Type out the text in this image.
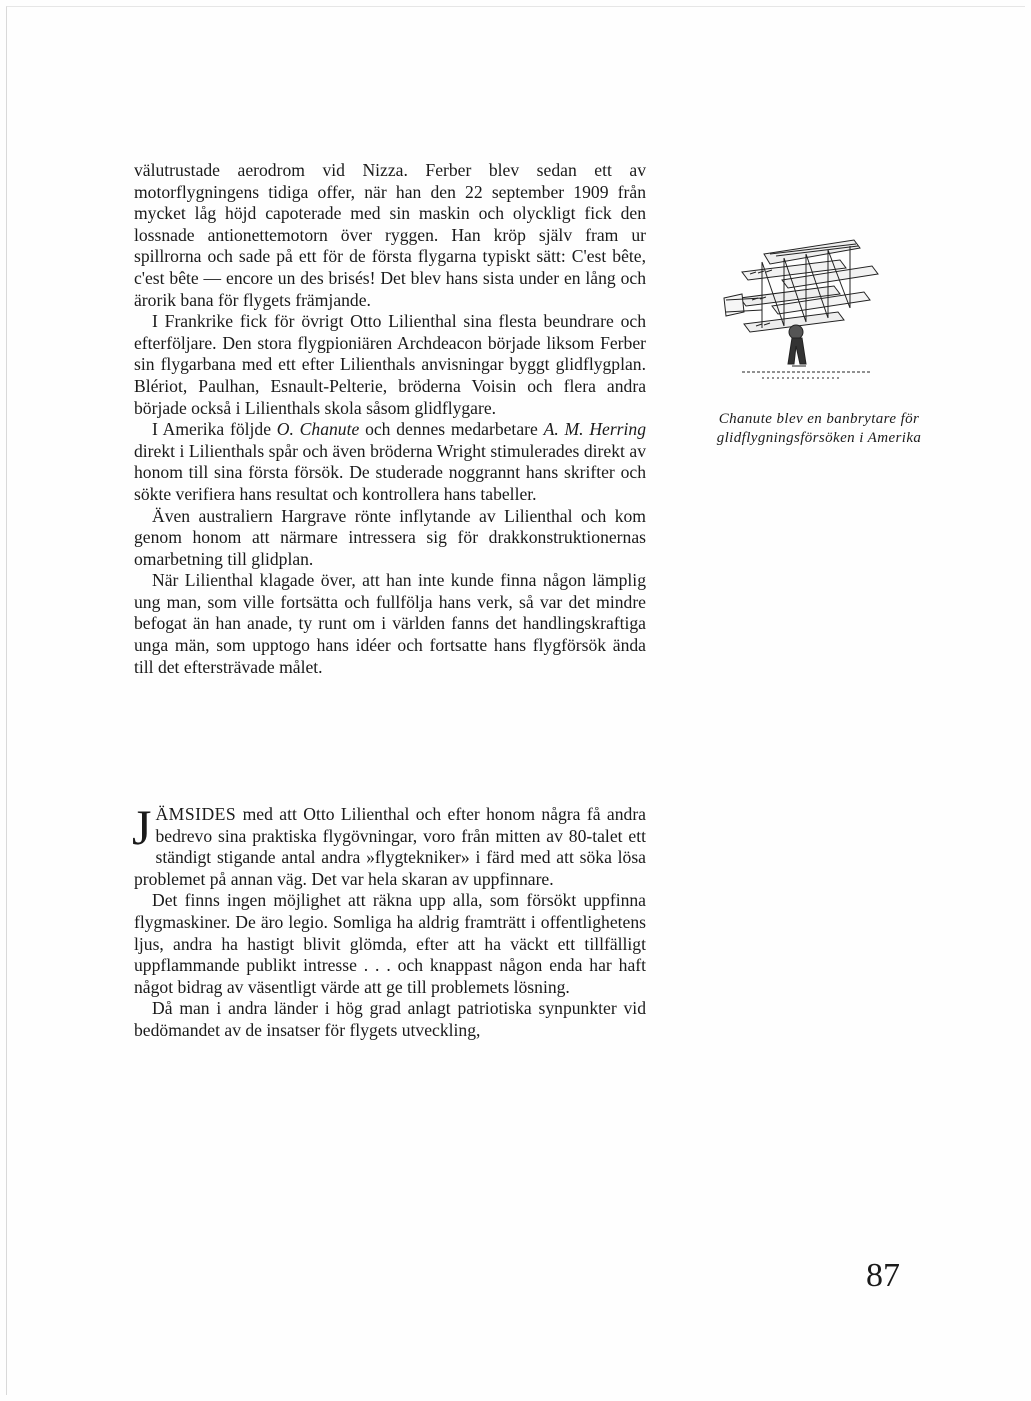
välutrustade aerodrom vid Nizza. Ferber blev sedan ett av motorflygningens tidiga offer, när han den 22 september 1909 från mycket låg höjd capoterade med sin maskin och olyckligt fick den lossnade antionettemotorn över ryggen. Han kröp själv fram ur spillrorna och sade på ett för de första flygarna typiskt sätt: C'est bête, c'est bête — encore un des brisés! Det blev hans sista under en lång och ärorik bana för flygets främjande.

I Frankrike fick för övrigt Otto Lilienthal sina flesta beundrare och efterföljare. Den stora flygpioniären Archdeacon började liksom Ferber sin flygarbana med ett efter Lilienthals anvisningar byggt glidflygplan. Blériot, Paulhan, Esnault-Pelterie, bröderna Voisin och flera andra började också i Lilienthals skola såsom glidflygare.

I Amerika följde O. Chanute och dennes medarbetare A. M. Herring direkt i Lilienthals spår och även bröderna Wright stimulerades direkt av honom till sina första försök. De studerade noggrannt hans skrifter och sökte verifiera hans resultat och kontrollera hans tabeller.

Även australiern Hargrave rönte inflytande av Lilienthal och kom genom honom att närmare intressera sig för drakkonstruktionernas omarbetning till glidplan.

När Lilienthal klagade över, att han inte kunde finna någon lämplig ung man, som ville fortsätta och fullfölja hans verk, så var det mindre befogat än han anade, ty runt om i världen fanns det handlingskraftiga unga män, som upptogo hans idéer och fortsatte hans flygförsök ända till det eftersträvade målet.

Chanute blev en banbrytare för glidflygningsförsöken i Amerika

JÄMSIDES med att Otto Lilienthal och efter honom några få andra bedrevo sina praktiska flygövningar, voro från mitten av 80-talet ett ständigt stigande antal andra »flygtekniker» i färd med att söka lösa problemet på annan väg. Det var hela skaran av uppfinnare.

Det finns ingen möjlighet att räkna upp alla, som försökt uppfinna flygmaskiner. De äro legio. Somliga ha aldrig framträtt i offentlighetens ljus, andra ha hastigt blivit glömda, efter att ha väckt ett tillfälligt uppflammande publikt intresse . . . och knappast någon enda har haft något bidrag av väsentligt värde att ge till problemets lösning.

Då man i andra länder i hög grad anlagt patriotiska synpunkter vid bedömandet av de insatser för flygets utveckling,

87
